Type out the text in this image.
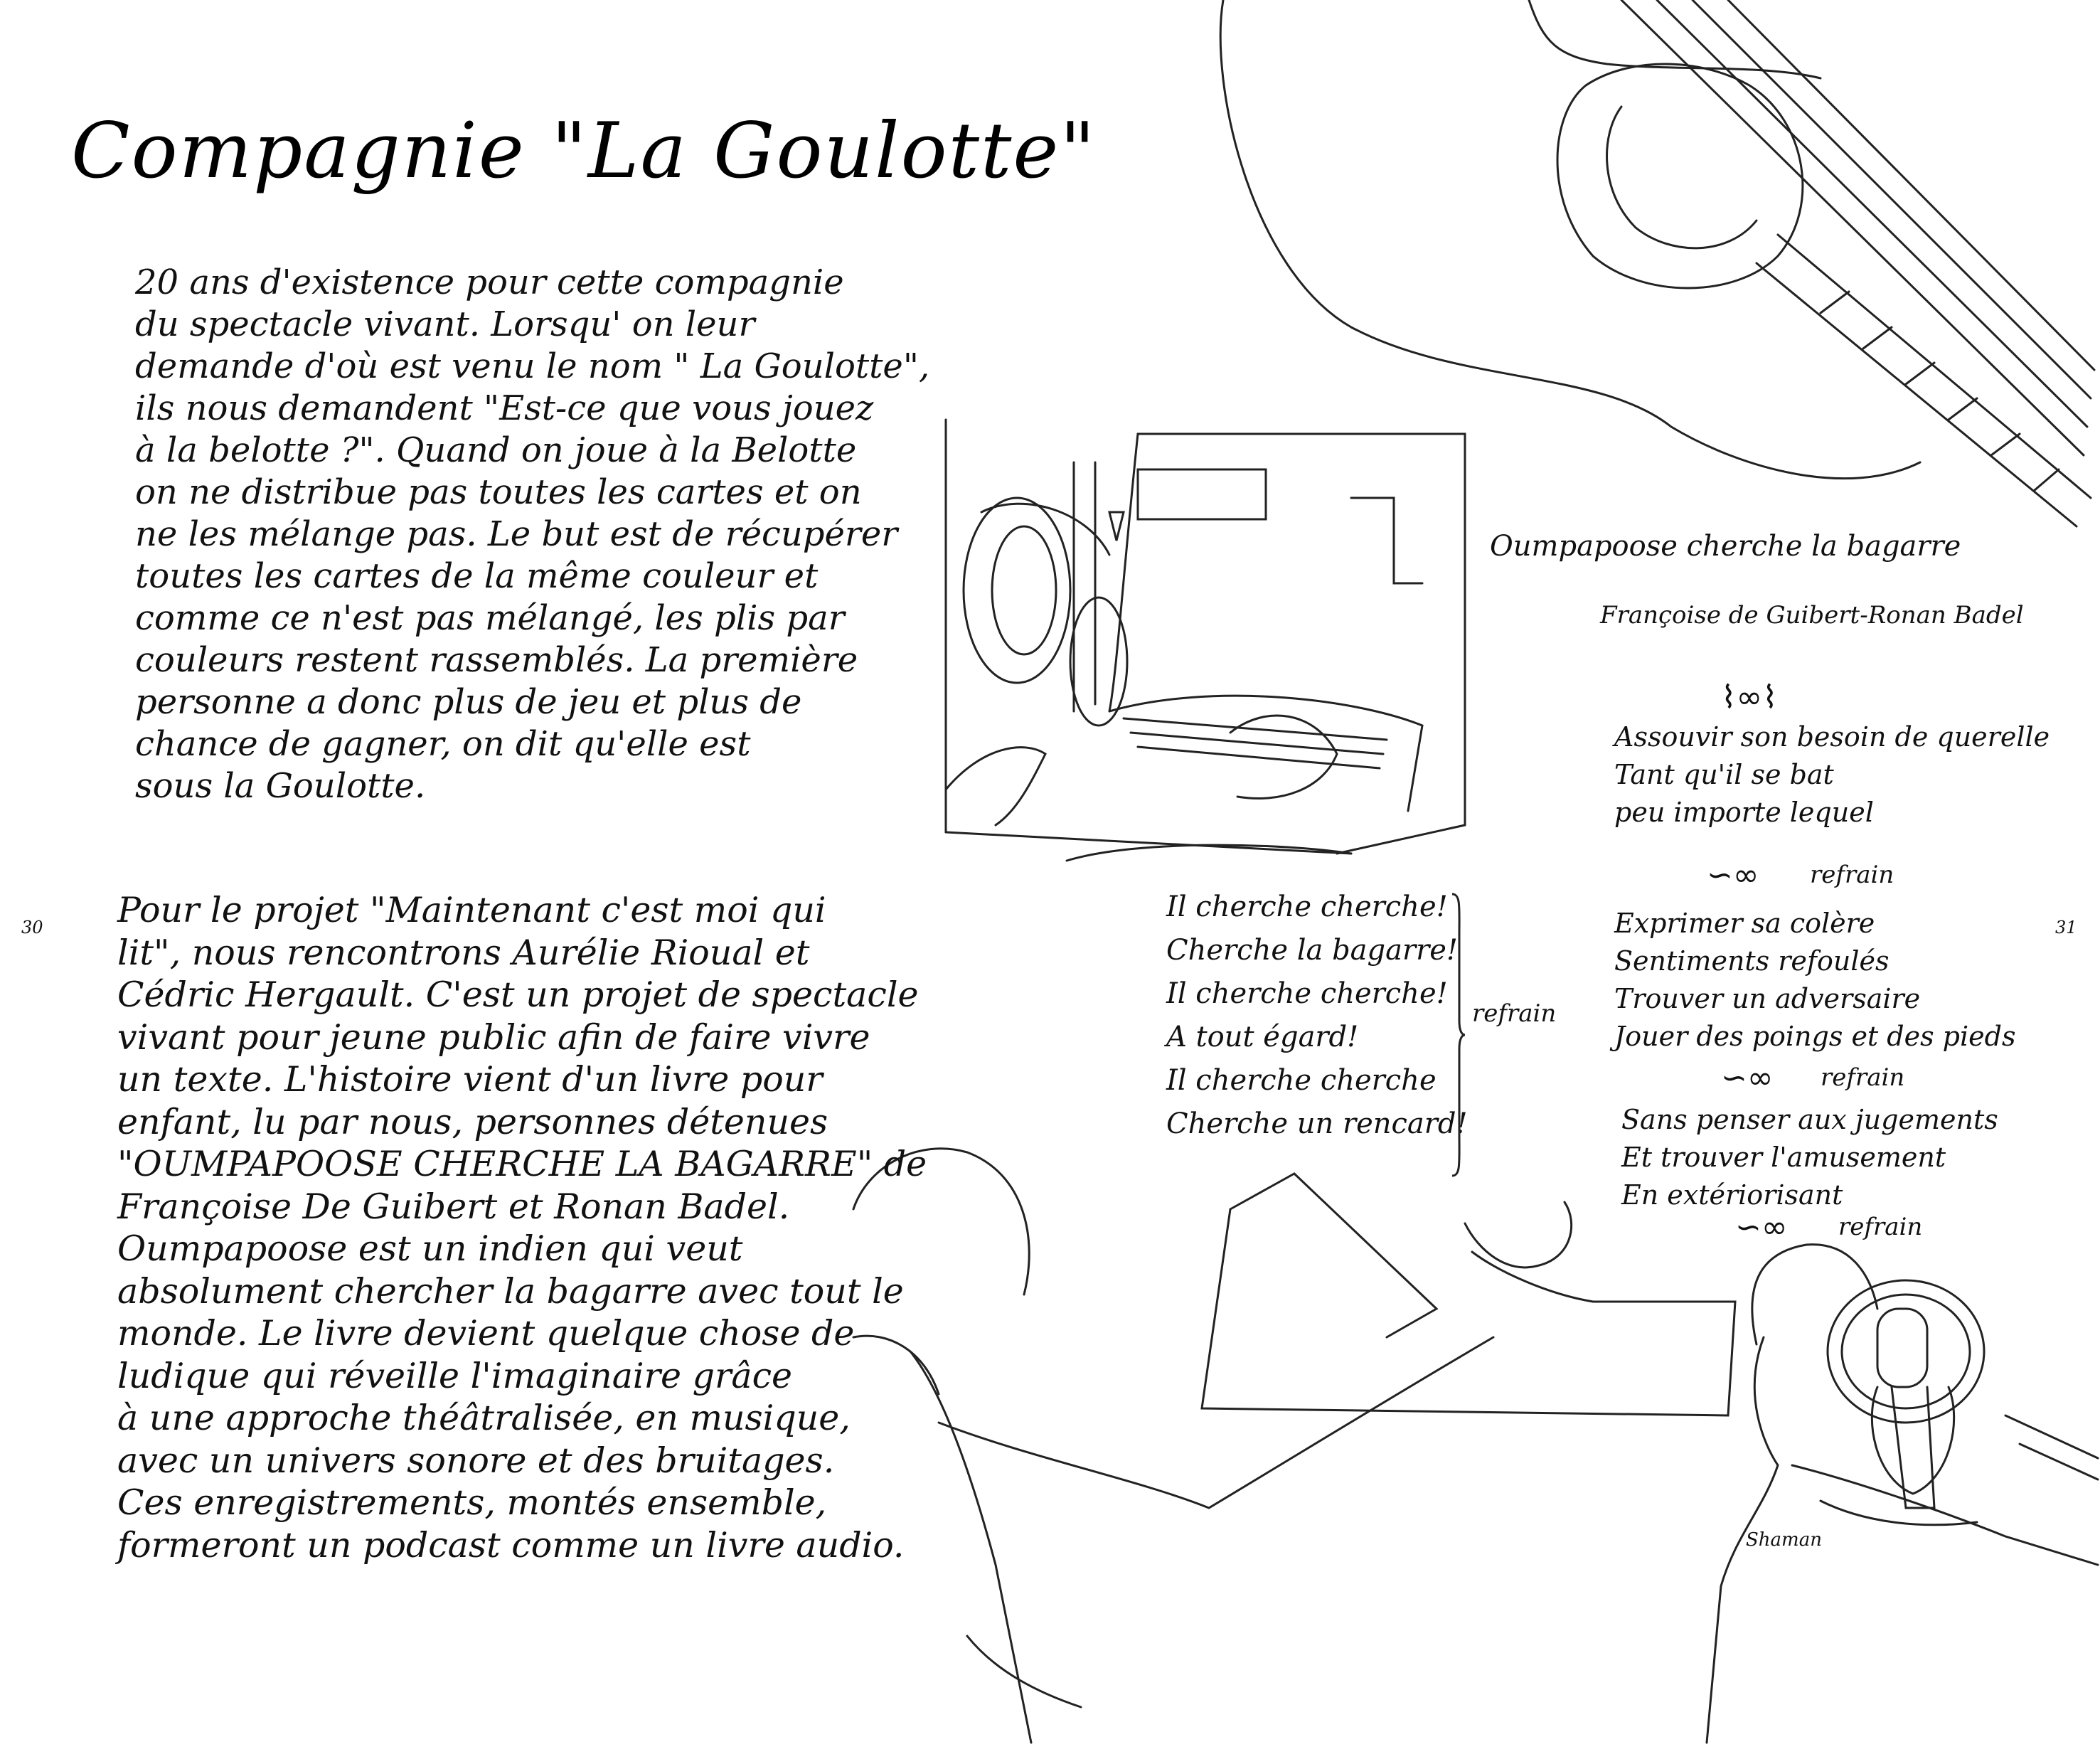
Compagnie "La Goulotte"
20 ans d'existence pour cette compagnie
du spectacle vivant. Lorsqu' on leur
demande d'où est venu le nom " La Goulotte",
ils nous demandent "Est-ce que vous jouez
à la belotte ?". Quand on joue à la Belotte
on ne distribue pas toutes les cartes et on
ne les mélange pas. Le but est de récupérer
toutes les cartes de la même couleur et
comme ce n'est pas mélangé, les plis par
couleurs restent rassemblés. La première
personne a donc plus de jeu et plus de
chance de gagner, on dit qu'elle est
sous la Goulotte.
Pour le projet "Maintenant c'est moi qui
lit", nous rencontrons Aurélie Rioual et
Cédric Hergault. C'est un projet de spectacle
vivant pour jeune public afin de faire vivre
un texte. L'histoire vient d'un livre pour
enfant, lu par nous, personnes détenues
"OUMPAPOOSE CHERCHE LA BAGARRE" de
Françoise De Guibert et Ronan Badel.
Oumpapoose est un indien qui veut
absolument chercher la bagarre avec tout le
monde. Le livre devient quelque chose de
ludique qui réveille l'imaginaire grâce
à une approche théâtralisée, en musique,
avec un univers sonore et des bruitages.
Ces enregistrements, montés ensemble,
formeront un podcast comme un livre audio.
30	31
Oumpapoose cherche la bagarre
Françoise de Guibert-Ronan Badel
⌇∞⌇
Assouvir son besoin de querelle
Tant qu'il se bat
peu importe lequel
∽∞ refrain
Exprimer sa colère
Sentiments refoulés
Trouver un adversaire
Jouer des poings et des pieds
∽∞ refrain
Sans penser aux jugements
Et trouver l'amusement
En extériorisant
∽∞ refrain
Il cherche cherche!
Cherche la bagarre!
Il cherche cherche!
A tout égard!
Il cherche cherche
Cherche un rencard!
refrain
Shaman
